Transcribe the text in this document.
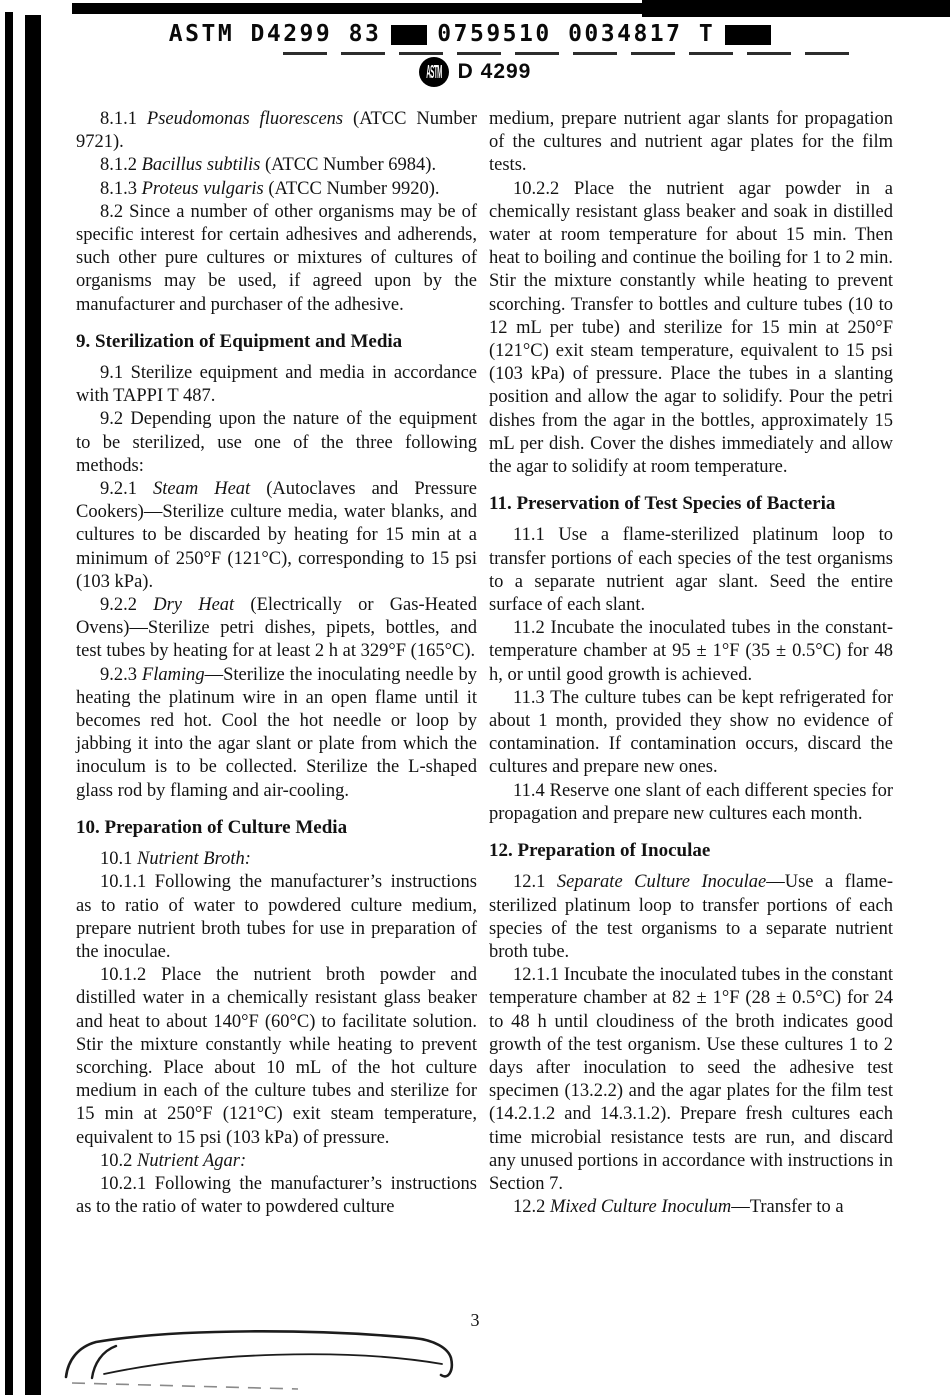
ASTM D4299 83 0759510 0034817 T
ASTM D 4299
8.1.1 Pseudomonas fluorescens (ATCC Number 9721).
8.1.2 Bacillus subtilis (ATCC Number 6984).
8.1.3 Proteus vulgaris (ATCC Number 9920).
8.2 Since a number of other organisms may be of specific interest for certain adhesives and adherends, such other pure cultures or mixtures of cultures of organisms may be used, if agreed upon by the manufacturer and purchaser of the adhesive.
9. Sterilization of Equipment and Media
9.1 Sterilize equipment and media in accordance with TAPPI T 487.
9.2 Depending upon the nature of the equipment to be sterilized, use one of the three following methods:
9.2.1 Steam Heat (Autoclaves and Pressure Cookers)—Sterilize culture media, water blanks, and cultures to be discarded by heating for 15 min at a minimum of 250°F (121°C), corresponding to 15 psi (103 kPa).
9.2.2 Dry Heat (Electrically or Gas-Heated Ovens)—Sterilize petri dishes, pipets, bottles, and test tubes by heating for at least 2 h at 329°F (165°C).
9.2.3 Flaming—Sterilize the inoculating needle by heating the platinum wire in an open flame until it becomes red hot. Cool the hot needle or loop by jabbing it into the agar slant or plate from which the inoculum is to be collected. Sterilize the L-shaped glass rod by flaming and air-cooling.
10. Preparation of Culture Media
10.1 Nutrient Broth:
10.1.1 Following the manufacturer’s instructions as to ratio of water to powdered culture medium, prepare nutrient broth tubes for use in preparation of the inoculae.
10.1.2 Place the nutrient broth powder and distilled water in a chemically resistant glass beaker and heat to about 140°F (60°C) to facilitate solution. Stir the mixture constantly while heating to prevent scorching. Place about 10 mL of the hot culture medium in each of the culture tubes and sterilize for 15 min at 250°F (121°C) exit steam temperature, equivalent to 15 psi (103 kPa) of pressure.
10.2 Nutrient Agar:
10.2.1 Following the manufacturer’s instructions as to the ratio of water to powdered culture
medium, prepare nutrient agar slants for propagation of the cultures and nutrient agar plates for the film tests.
10.2.2 Place the nutrient agar powder in a chemically resistant glass beaker and soak in distilled water at room temperature for about 15 min. Then heat to boiling and continue the boiling for 1 to 2 min. Stir the mixture constantly while heating to prevent scorching. Transfer to bottles and culture tubes (10 to 12 mL per tube) and sterilize for 15 min at 250°F (121°C) exit steam temperature, equivalent to 15 psi (103 kPa) of pressure. Place the tubes in a slanting position and allow the agar to solidify. Pour the petri dishes from the agar in the bottles, approximately 15 mL per dish. Cover the dishes immediately and allow the agar to solidify at room temperature.
11. Preservation of Test Species of Bacteria
11.1 Use a flame-sterilized platinum loop to transfer portions of each species of the test organisms to a separate nutrient agar slant. Seed the entire surface of each slant.
11.2 Incubate the inoculated tubes in the constant-temperature chamber at 95 ± 1°F (35 ± 0.5°C) for 48 h, or until good growth is achieved.
11.3 The culture tubes can be kept refrigerated for about 1 month, provided they show no evidence of contamination. If contamination occurs, discard the cultures and prepare new ones.
11.4 Reserve one slant of each different species for propagation and prepare new cultures each month.
12. Preparation of Inoculae
12.1 Separate Culture Inoculae—Use a flame-sterilized platinum loop to transfer portions of each species of the test organisms to a separate nutrient broth tube.
12.1.1 Incubate the inoculated tubes in the constant temperature chamber at 82 ± 1°F (28 ± 0.5°C) for 24 to 48 h until cloudiness of the broth indicates good growth of the test organism. Use these cultures 1 to 2 days after inoculation to seed the adhesive test specimen (13.2.2) and the agar plates for the film test (14.2.1.2 and 14.3.1.2). Prepare fresh cultures each time microbial resistance tests are run, and discard any unused portions in accordance with instructions in Section 7.
12.2 Mixed Culture Inoculum—Transfer to a
3
